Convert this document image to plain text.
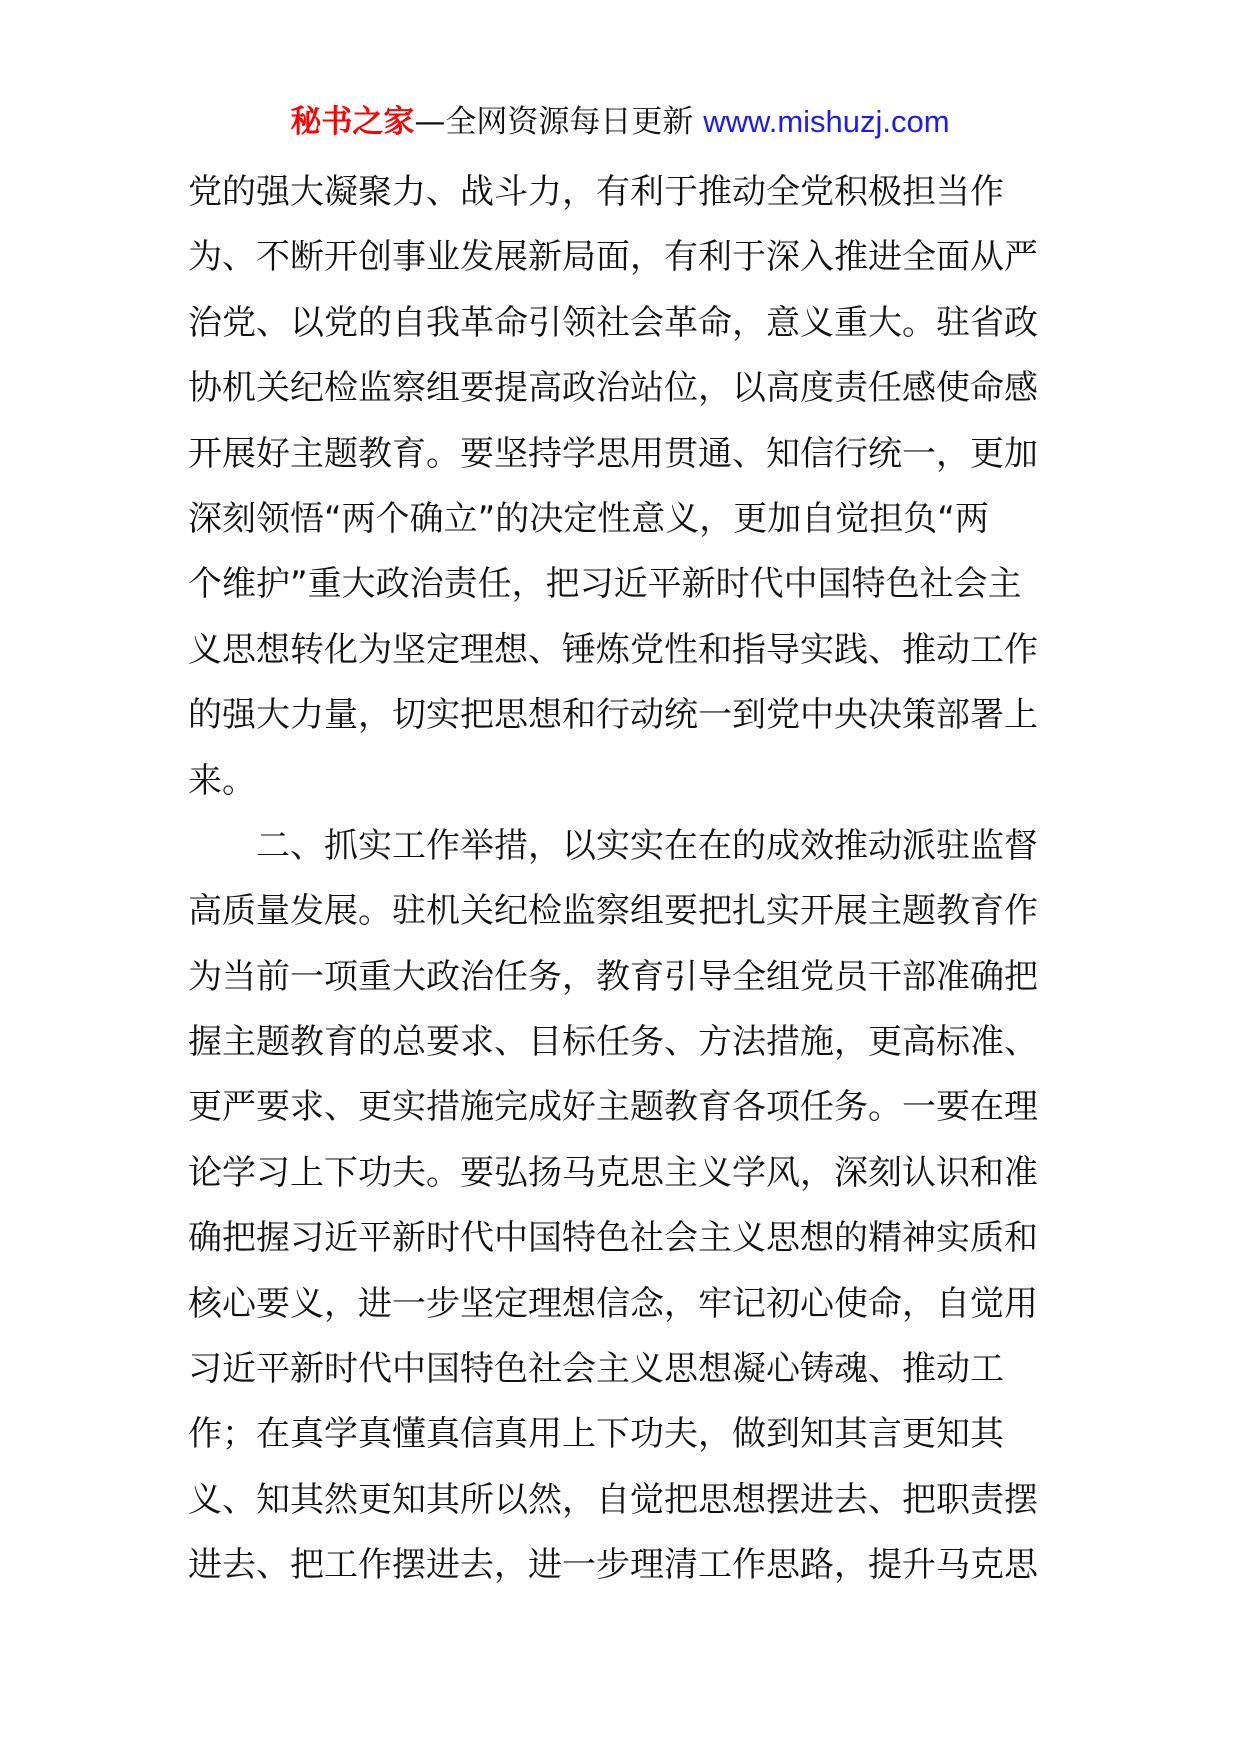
秘书之家—全网资源每日更新 www.mishuzj.com
党的强大凝聚力、战斗力，有利于推动全党积极担当作
为、不断开创事业发展新局面，有利于深入推进全面从严
治党、以党的自我革命引领社会革命，意义重大。驻省政
协机关纪检监察组要提高政治站位，以高度责任感使命感
开展好主题教育。要坚持学思用贯通、知信行统一，更加
深刻领悟“两个确立”的决定性意义，更加自觉担负“两
个维护”重大政治责任，把习近平新时代中国特色社会主
义思想转化为坚定理想、锤炼党性和指导实践、推动工作
的强大力量，切实把思想和行动统一到党中央决策部署上
来。
二、抓实工作举措，以实实在在的成效推动派驻监督
高质量发展。驻机关纪检监察组要把扎实开展主题教育作
为当前一项重大政治任务，教育引导全组党员干部准确把
握主题教育的总要求、目标任务、方法措施，更高标准、
更严要求、更实措施完成好主题教育各项任务。一要在理
论学习上下功夫。要弘扬马克思主义学风，深刻认识和准
确把握习近平新时代中国特色社会主义思想的精神实质和
核心要义，进一步坚定理想信念，牢记初心使命，自觉用
习近平新时代中国特色社会主义思想凝心铸魂、推动工
作；在真学真懂真信真用上下功夫，做到知其言更知其
义、知其然更知其所以然，自觉把思想摆进去、把职责摆
进去、把工作摆进去，进一步理清工作思路，提升马克思
